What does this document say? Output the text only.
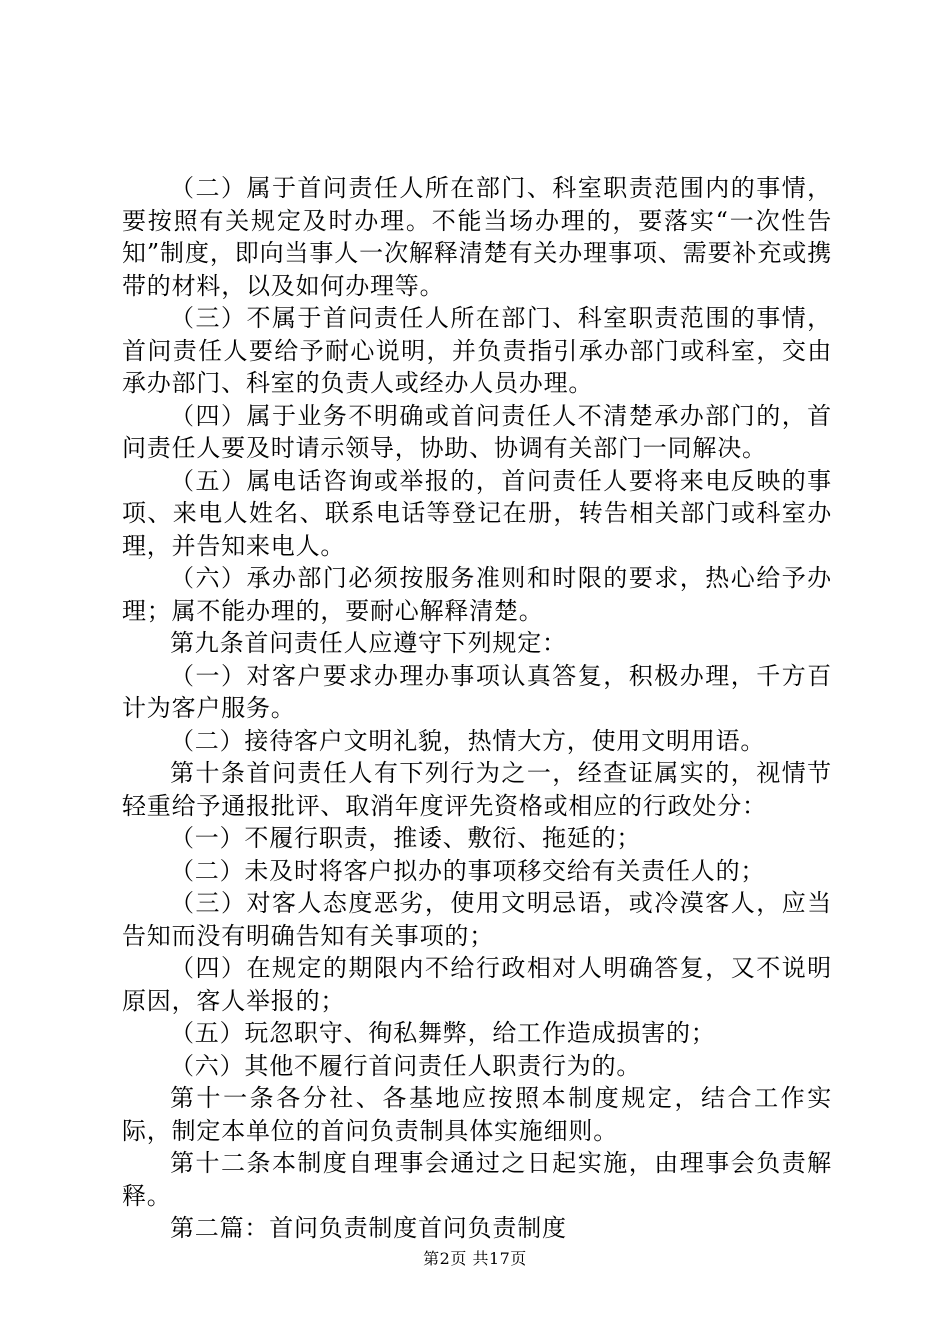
（二）属于首问责任人所在部门、科室职责范围内的事情，要按照有关规定及时办理。不能当场办理的，要落实“一次性告知”制度，即向当事人一次解释清楚有关办理事项、需要补充或携带的材料，以及如何办理等。

（三）不属于首问责任人所在部门、科室职责范围的事情，首问责任人要给予耐心说明，并负责指引承办部门或科室，交由承办部门、科室的负责人或经办人员办理。

（四）属于业务不明确或首问责任人不清楚承办部门的，首问责任人要及时请示领导，协助、协调有关部门一同解决。

（五）属电话咨询或举报的，首问责任人要将来电反映的事项、来电人姓名、联系电话等登记在册，转告相关部门或科室办理，并告知来电人。

（六）承办部门必须按服务准则和时限的要求，热心给予办理；属不能办理的，要耐心解释清楚。

第九条首问责任人应遵守下列规定：

（一）对客户要求办理办事项认真答复，积极办理，千方百计为客户服务。

（二）接待客户文明礼貌，热情大方，使用文明用语。

第十条首问责任人有下列行为之一，经查证属实的，视情节轻重给予通报批评、取消年度评先资格或相应的行政处分：

（一）不履行职责，推诿、敷衍、拖延的；

（二）未及时将客户拟办的事项移交给有关责任人的；

（三）对客人态度恶劣，使用文明忌语，或冷漠客人，应当告知而没有明确告知有关事项的；

（四）在规定的期限内不给行政相对人明确答复，又不说明原因，客人举报的；

（五）玩忽职守、徇私舞弊，给工作造成损害的；

（六）其他不履行首问责任人职责行为的。

第十一条各分社、各基地应按照本制度规定，结合工作实际，制定本单位的首问负责制具体实施细则。

第十二条本制度自理事会通过之日起实施，由理事会负责解释。

第二篇：首问负责制度首问负责制度

第2页 共17页
